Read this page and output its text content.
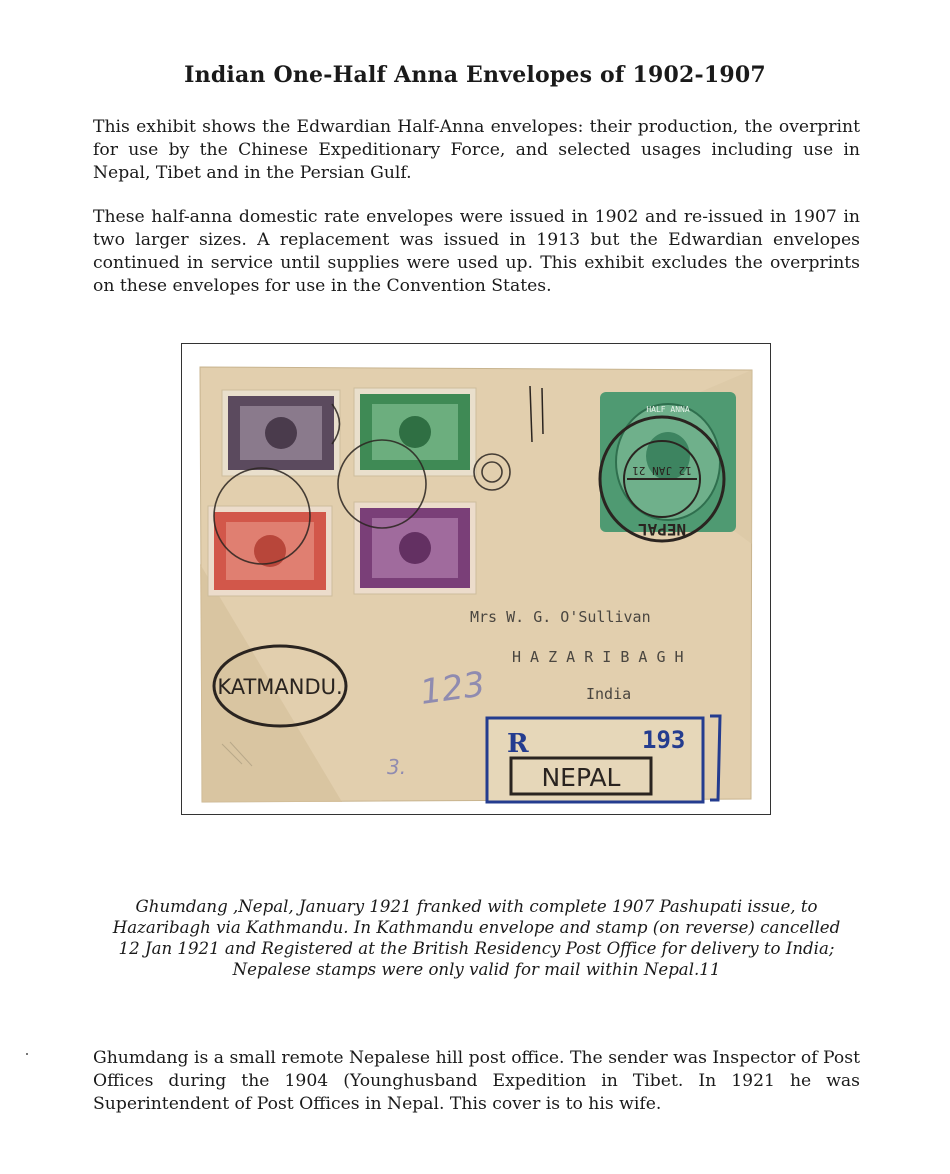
Indian One-Half Anna Envelopes of 1902-1907
This exhibit shows the Edwardian Half-Anna envelopes: their production, the overprint for use by the Chinese Expeditionary Force, and selected usages including use in Nepal, Tibet and in the Persian Gulf.
These half-anna domestic rate envelopes were issued in 1902 and re-issued in 1907 in two larger sizes. A replacement was issued in 1913 but the Edwardian envelopes continued in service until supplies were used up. This exhibit excludes the overprints on these envelopes for use in the Convention States.
HALF ANNA
NEPAL
12 JAN 21
Mrs W. G. O'Sullivan
H A Z A R I B A G H
India
123
3.
KATMANDU.
R	193
NEPAL
Ghumdang ,Nepal, January 1921 franked with complete 1907 Pashupati issue, to
Hazaribagh via Kathmandu. In Kathmandu envelope and stamp (on reverse) cancelled
12 Jan 1921 and Registered at the British Residency Post Office for delivery to India;
Nepalese stamps were only valid for mail within Nepal.11
Ghumdang is a small remote Nepalese hill post office. The sender was Inspector of Post Offices during the 1904 (Younghusband Expedition in Tibet. In 1921 he was Superintendent of Post Offices in Nepal. This cover is to his wife.
